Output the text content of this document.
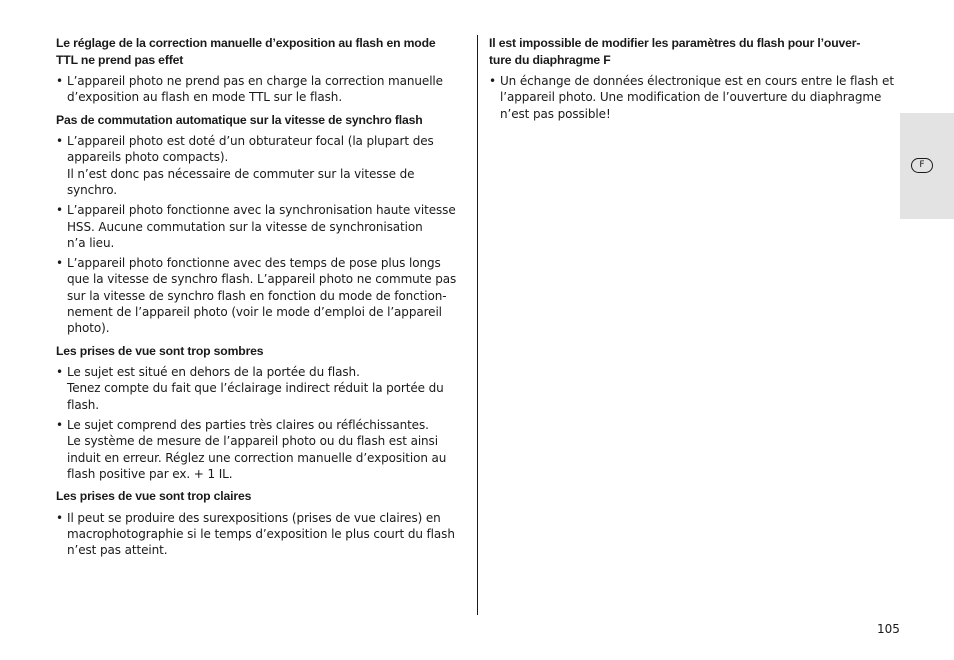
Le réglage de la correction manuelle d’exposition au flash en mode
TTL ne prend pas effet
• L’appareil photo ne prend pas en charge la correction manuelle
d’exposition au flash en mode TTL sur le flash.
Pas de commutation automatique sur la vitesse de synchro flash
• L’appareil photo est doté d’un obturateur focal (la plupart des
appareils photo compacts).
Il n’est donc pas nécessaire de commuter sur la vitesse de
synchro.
• L’appareil photo fonctionne avec la synchronisation haute vitesse
HSS. Aucune commutation sur la vitesse de synchronisation
n’a lieu.
• L’appareil photo fonctionne avec des temps de pose plus longs
que la vitesse de synchro flash. L’appareil photo ne commute pas
sur la vitesse de synchro flash en fonction du mode de fonction-
nement de l’appareil photo (voir le mode d’emploi de l’appareil
photo).
Les prises de vue sont trop sombres
• Le sujet est situé en dehors de la portée du flash.
Tenez compte du fait que l’éclairage indirect réduit la portée du
flash.
• Le sujet comprend des parties très claires ou réfléchissantes.
Le système de mesure de l’appareil photo ou du flash est ainsi
induit en erreur. Réglez une correction manuelle d’exposition au
flash positive par ex. + 1 IL.
Les prises de vue sont trop claires
• Il peut se produire des surexpositions (prises de vue claires) en
macrophotographie si le temps d’exposition le plus court du flash
n’est pas atteint.
Il est impossible de modifier les paramètres du flash pour l’ouver-
ture du diaphragme F
• Un échange de données électronique est en cours entre le flash et
l’appareil photo. Une modification de l’ouverture du diaphragme
n’est pas possible!
F
105
